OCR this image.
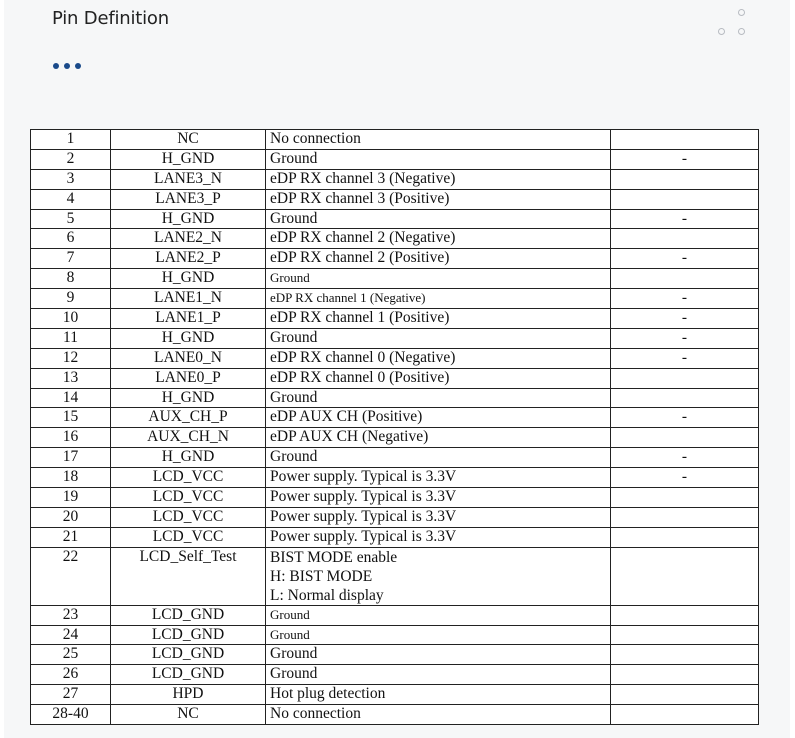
Pin Definition
1	NC	No connection	
2	H_GND	Ground	-
3	LANE3_N	eDP RX channel 3 (Negative)	
4	LANE3_P	eDP RX channel 3 (Positive)	
5	H_GND	Ground	-
6	LANE2_N	eDP RX channel 2 (Negative)	
7	LANE2_P	eDP RX channel 2 (Positive)	-
8	H_GND	Ground	
9	LANE1_N	eDP RX channel 1 (Negative)	-
10	LANE1_P	eDP RX channel 1 (Positive)	-
11	H_GND	Ground	-
12	LANE0_N	eDP RX channel 0 (Negative)	-
13	LANE0_P	eDP RX channel 0 (Positive)	
14	H_GND	Ground	
15	AUX_CH_P	eDP AUX CH (Positive)	-
16	AUX_CH_N	eDP AUX CH (Negative)	
17	H_GND	Ground	-
18	LCD_VCC	Power supply. Typical is 3.3V	-
19	LCD_VCC	Power supply. Typical is 3.3V	
20	LCD_VCC	Power supply. Typical is 3.3V	
21	LCD_VCC	Power supply. Typical is 3.3V	
22	LCD_Self_Test	BIST MODE enable
H: BIST MODE
L: Normal display	

23	LCD_GND	Ground	
24	LCD_GND	Ground	
25	LCD_GND	Ground	
26	LCD_GND	Ground	
27	HPD	Hot plug detection	
28-40	NC	No connection	
